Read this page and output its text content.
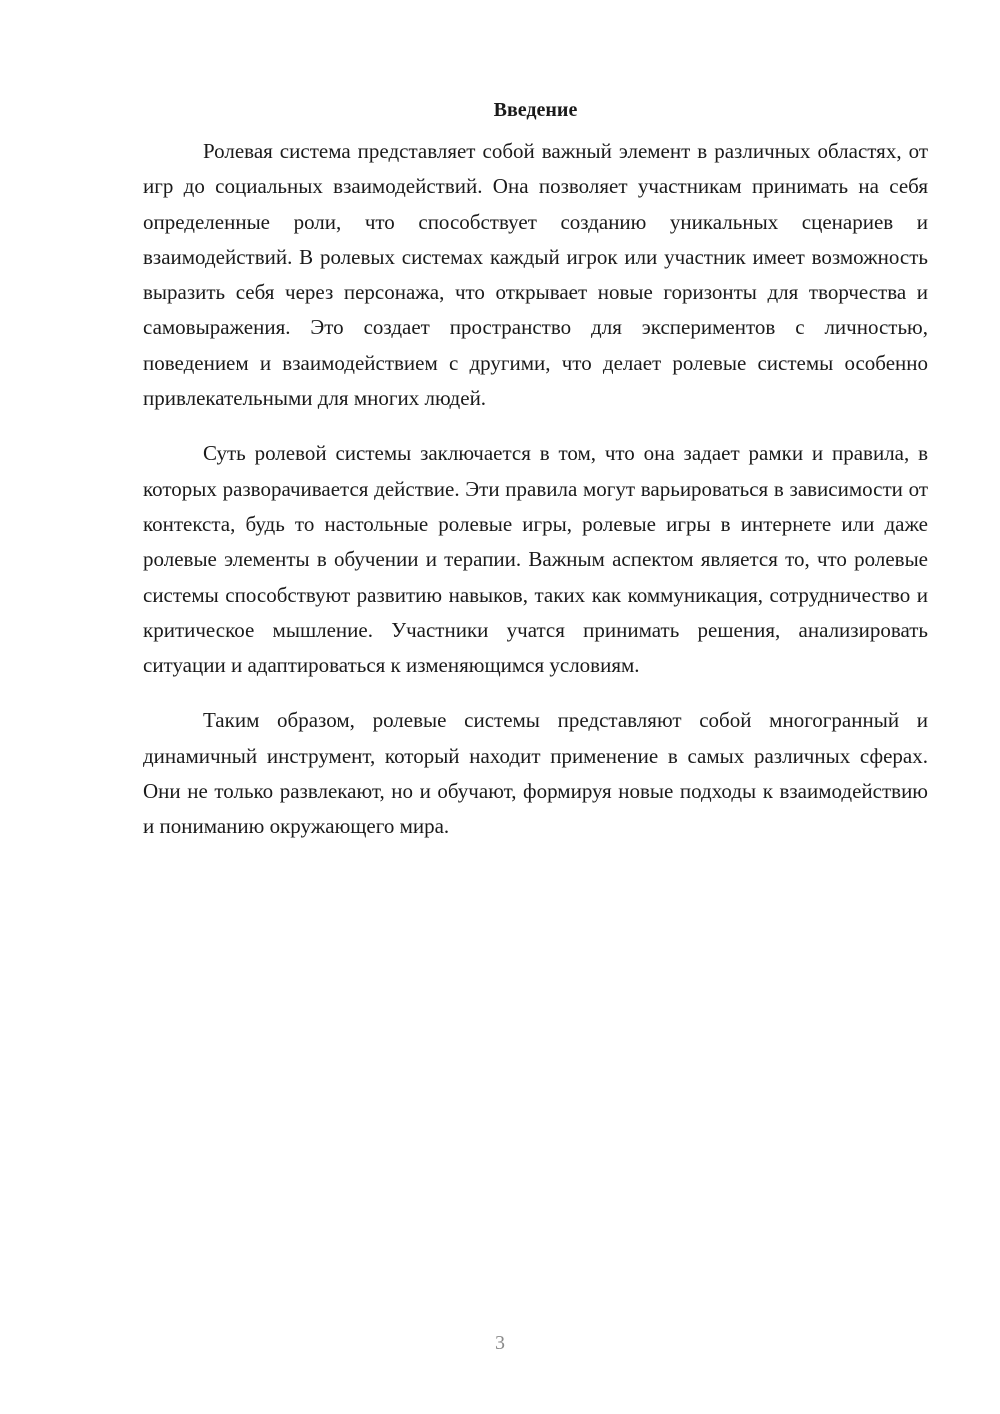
Введение

Ролевая система представляет собой важный элемент в различных областях, от игр до социальных взаимодействий. Она позволяет участникам принимать на себя определенные роли, что способствует созданию уникальных сценариев и взаимодействий. В ролевых системах каждый игрок или участник имеет возможность выразить себя через персонажа, что открывает новые горизонты для творчества и самовыражения. Это создает пространство для экспериментов с личностью, поведением и взаимодействием с другими, что делает ролевые системы особенно привлекательными для многих людей.

Суть ролевой системы заключается в том, что она задает рамки и правила, в которых разворачивается действие. Эти правила могут варьироваться в зависимости от контекста, будь то настольные ролевые игры, ролевые игры в интернете или даже ролевые элементы в обучении и терапии. Важным аспектом является то, что ролевые системы способствуют развитию навыков, таких как коммуникация, сотрудничество и критическое мышление. Участники учатся принимать решения, анализировать ситуации и адаптироваться к изменяющимся условиям.

Таким образом, ролевые системы представляют собой многогранный и динамичный инструмент, который находит применение в самых различных сферах. Они не только развлекают, но и обучают, формируя новые подходы к взаимодействию и пониманию окружающего мира.

3
